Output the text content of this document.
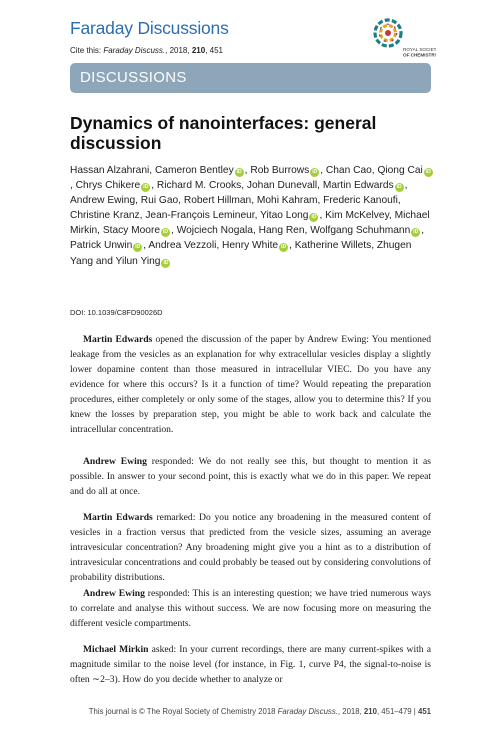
Faraday Discussions
Cite this: Faraday Discuss., 2018, 210, 451	ROYAL SOCIETY
OF CHEMISTRY
DISCUSSIONS
Dynamics of nanointerfaces: general discussion
Hassan Alzahrani, Cameron Bentley iD , Rob Burrows iD , Chan Cao, Qiong Cai iD, Chrys Chikere iD , Richard M. Crooks, Johan Dunevall, Martin Edwards iD , Andrew Ewing, Rui Gao, Robert Hillman, Mohi Kahram, Frederic Kanoufi, Christine Kranz, Jean-François Lemineur, Yitao Long iD , Kim McKelvey, Michael Mirkin, Stacy Moore iD , Wojciech Nogala, Hang Ren, Wolfgang Schuhmann iD , Patrick Unwin iD , Andrea Vezzoli, Henry White iD , Katherine Willets, Zhugen Yang and Yilun Ying iD
DOI: 10.1039/C8FD90026D
Martin Edwards opened the discussion of the paper by Andrew Ewing: You mentioned leakage from the vesicles as an explanation for why extracellular vesicles display a slightly lower dopamine content than those measured in intracellular VIEC. Do you have any evidence for where this occurs? Is it a function of time? Would repeating the preparation procedures, either completely or only some of the stages, allow you to determine this? If you knew the losses by preparation step, you might be able to work back and calculate the intracellular concentration.
Andrew Ewing responded: We do not really see this, but thought to mention it as possible. In answer to your second point, this is exactly what we do in this paper. We repeat and do all at once.
Martin Edwards remarked: Do you notice any broadening in the measured content of vesicles in a fraction versus that predicted from the vesicle sizes, assuming an average intravesicular concentration? Any broadening might give you a hint as to a distribution of intravesicular concentrations and could probably be teased out by considering convolutions of probability distributions.
Andrew Ewing responded: This is an interesting question; we have tried numerous ways to correlate and analyse this without success. We are now focusing more on measuring the different vesicle compartments.
Michael Mirkin asked: In your current recordings, there are many current-spikes with a magnitude similar to the noise level (for instance, in Fig. 1, curve P4, the signal-to-noise is often ∼2–3). How do you decide whether to analyze or
This journal is © The Royal Society of Chemistry 2018 Faraday Discuss., 2018, 210, 451–479 | 451
